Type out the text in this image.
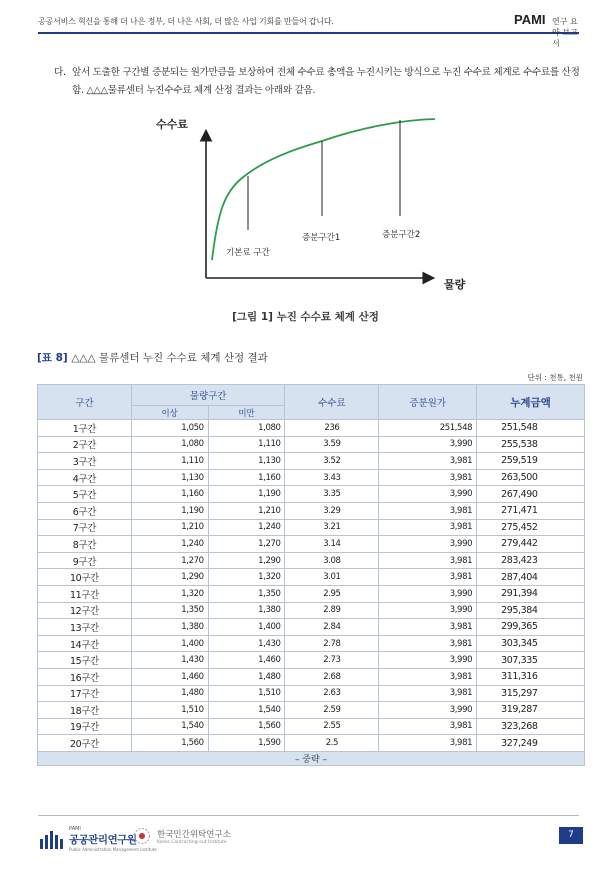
공공서비스 혁신을 통해 더 나은 정부, 더 나은 사회, 더 많은 사업 기회를 만들어 갑니다.	PAMI 연구 요약 보고서
다. 앞서 도출한 구간별 증분되는 원가만큼을 보상하여 전체 수수료 총액을 누진시키는 방식으로 누진 수수료 체계로 수수료를 산정함. △△△물류센터 누진수수료 체계 산정 결과는 아래와 같음.
수수료
물량
기본료 구간
증분구간1	증분구간2
[그림 1] 누진 수수료 체계 산정
[표 8] △△△ 물류센터 누진 수수료 체계 산정 결과
단위 : 천통, 천원
구간	물량구간		수수료	증분원가	누계금액
	이상	미만			
1구간	1,050	1,080	236	251,548	251,548
2구간	1,080	1,110	3.59	3,990	255,538
3구간	1,110	1,130	3.52	3,981	259,519
4구간	1,130	1,160	3.43	3,981	263,500
5구간	1,160	1,190	3.35	3,990	267,490
6구간	1,190	1,210	3.29	3,981	271,471
7구간	1,210	1,240	3.21	3,981	275,452
8구간	1,240	1,270	3.14	3,990	279,442
9구간	1,270	1,290	3.08	3,981	283,423
10구간	1,290	1,320	3.01	3,981	287,404
11구간	1,320	1,350	2.95	3,990	291,394
12구간	1,350	1,380	2.89	3,990	295,384
13구간	1,380	1,400	2.84	3,981	299,365
14구간	1,400	1,430	2.78	3,981	303,345
15구간	1,430	1,460	2.73	3,990	307,335
16구간	1,460	1,480	2.68	3,981	311,316
17구간	1,480	1,510	2.63	3,981	315,297
18구간	1,510	1,540	2.59	3,990	319,287
19구간	1,540	1,560	2.55	3,981	323,268
20구간	1,560	1,590	2.5	3,981	327,249
– 중략 –					
PAMI
공공관리연구원
Public Administration Management Institute
한국민간위탁연구소
Korea Contracting-out Institute
7
